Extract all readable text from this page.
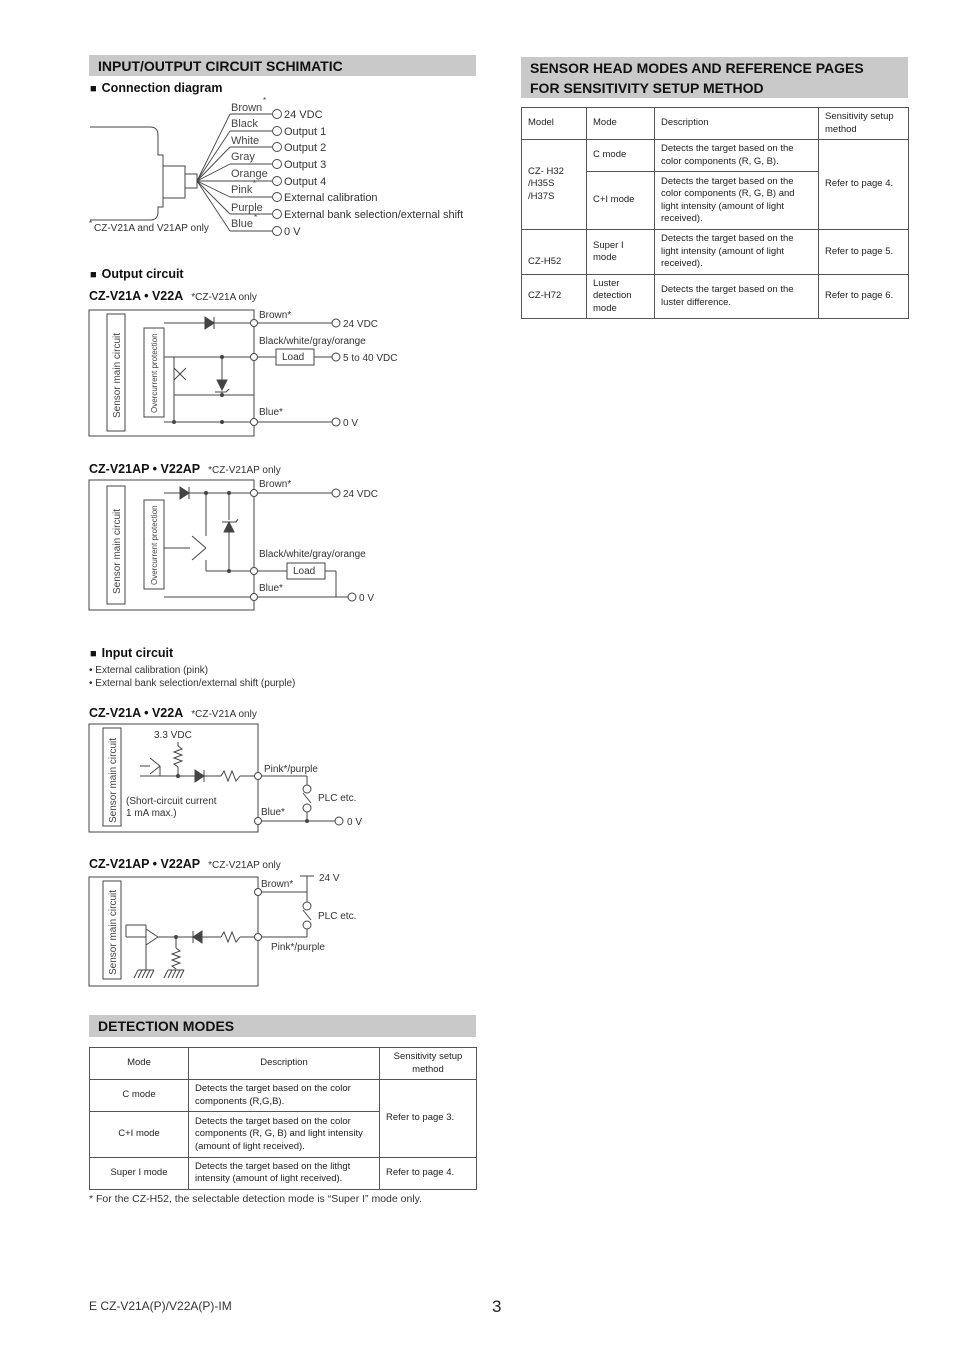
INPUT/OUTPUT CIRCUIT SCHIMATIC
■ Connection diagram
Brown
Black
White
Gray
Orange
Pink
Purple
Blue
*
*
*
24 VDC
Output 1
Output 2
Output 3
Output 4
External calibration
External bank selection/external shift
0 V
* CZ-V21A and V21AP only
■ Output circuit
CZ-V21A • V22A *CZ-V21A only
Sensor main circuit	Overcurrent protection
Brown*
24 VDC
Black/white/gray/orange
Load	5 to 40 VDC
Blue*
0 V
CZ-V21AP • V22AP *CZ-V21AP only
Sensor main circuit	Overcurrent protection
Brown*
24 VDC
Black/white/gray/orange
Load
Blue*
0 V
■ Input circuit
• External calibration (pink)
• External bank selection/external shift (purple)
CZ-V21A • V22A *CZ-V21A only
Sensor main circuit
3.3 VDC
Pink*/purple
PLC etc.
(Short-circuit current
1 mA max.)	Blue*
0 V
CZ-V21AP • V22AP *CZ-V21AP only
Sensor main circuit
Brown*
24 V
PLC etc.
Pink*/purple
DETECTION MODES
Mode	Description	Sensitivity setup method
C mode	Detects the target based on the color components (R,G,B).	Refer to page 3.
C+I mode	Detects the target based on the color components (R, G, B) and light intensity (amount of light received).	
Super I mode	Detects the target based on the lithgt intensity (amount of light received).	Refer to page 4.
* For the CZ-H52, the selectable detection mode is “Super I” mode only.
SENSOR HEAD MODES AND REFERENCE PAGES
FOR SENSITIVITY SETUP METHOD
Model	Mode	Description	Sensitivity setup method
CZ- H32
/H35S
/H37S	C mode	Detects the target based on the color components (R, G, B).	Refer to page 4.
	C+I mode	Detects the target based on the color components (R, G, B) and light intensity (amount of light received).	
CZ-H52	Super I mode	Detects the target based on the light intensity (amount of light received).	Refer to page 5.
CZ-H72	Luster detection mode	Detects the target based on the luster difference.	Refer to page 6.
E CZ-V21A(P)/V22A(P)-IM	3
